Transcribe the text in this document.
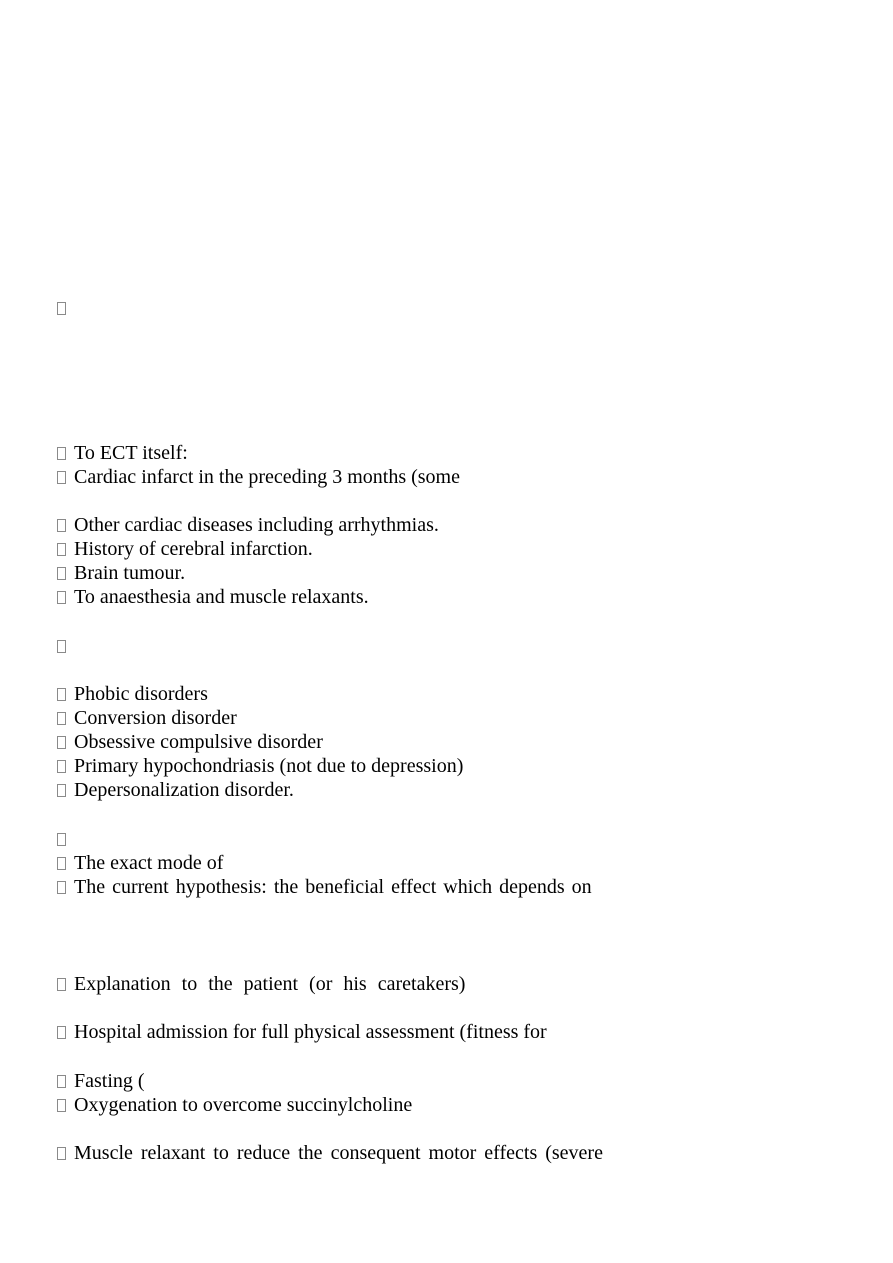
To ECT itself:
Cardiac infarct in the preceding 3 months (some
Other cardiac diseases including arrhythmias.
History of cerebral infarction.
Brain tumour.
To anaesthesia and muscle relaxants.
Phobic disorders
Conversion disorder
Obsessive compulsive disorder
Primary hypochondriasis (not due to depression)
Depersonalization disorder.
The exact mode of
The current hypothesis: the beneficial effect which depends on
Explanation to the patient (or his caretakers)
Hospital admission for full physical assessment (fitness for
Fasting (
Oxygenation to overcome succinylcholine
Muscle relaxant to reduce the consequent motor effects (severe
